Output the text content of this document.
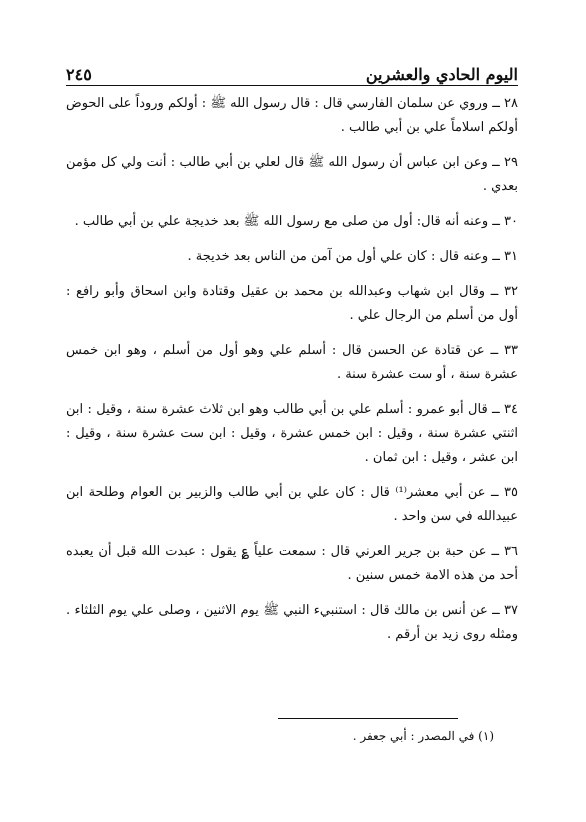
٢٤٥	اليوم الحادي والعشرين

٢٨ ــ وروي عن سلمان الفارسي قال : قال رسول الله ﷺ : أولكم وروداً على الحوض أولكم اسلاماً علي بن أبي طالب .

٢٩ ــ وعن ابن عباس أن رسول الله ﷺ قال لعلي بن أبي طالب : أنت ولي كل مؤمن بعدي .

٣٠ ــ وعنه أنه قال: أول من صلى مع رسول الله ﷺ بعد خديجة علي بن أبي طالب .

٣١ ــ وعنه قال : كان علي أول من آمن من الناس بعد خديجة .

٣٢ ــ وقال ابن شهاب وعبدالله بن محمد بن عقيل وقتادة وابن اسحاق وأبو رافع : أول من أسلم من الرجال علي .

٣٣ ــ عن قتادة عن الحسن قال : أسلم علي وهو أول من أسلم ، وهو ابن خمس عشرة سنة ، أو ست عشرة سنة .

٣٤ ــ قال أبو عمرو : أسلم علي بن أبي طالب وهو ابن ثلاث عشرة سنة ، وقيل : ابن اثنتي عشرة سنة ، وقيل : ابن خمس عشرة ، وقيل : ابن ست عشرة سنة ، وقيل : ابن عشر ، وقيل : ابن ثمان .

٣٥ ــ عن أبي معشر⁽¹⁾ قال : كان علي بن أبي طالب والزبير بن العوام وطلحة ابن عبيدالله في سن واحد .

٣٦ ــ عن حبة بن جرير العرني قال : سمعت علياً ؏ يقول : عبدت الله قبل أن يعبده أحد من هذه الامة خمس سنين .

٣٧ ــ عن أنس بن مالك قال : استنبيء النبي ﷺ يوم الاثنين ، وصلى علي يوم الثلثاء . ومثله روى زيد بن أرقم .

(١) في المصدر : أبي جعفر .
